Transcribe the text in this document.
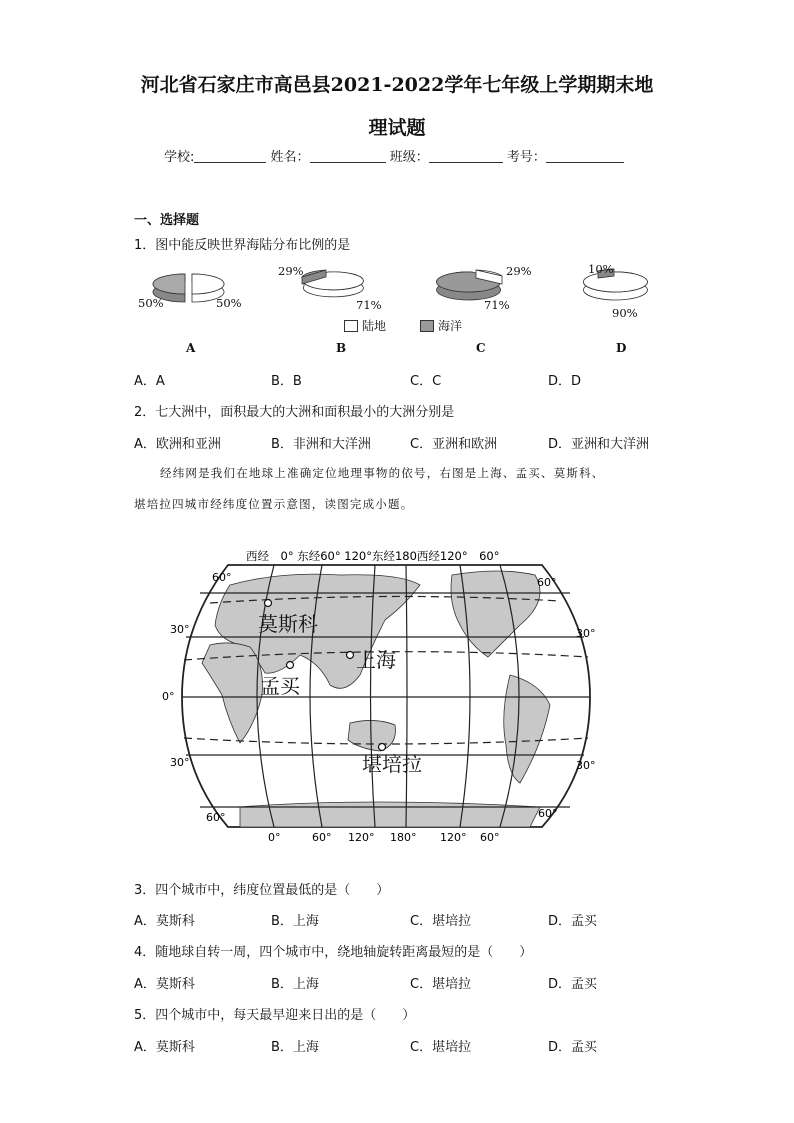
河北省石家庄市高邑县2021-2022学年七年级上学期期末地
理试题
学校:	姓名：	班级：	考号：
一、选择题
1．图中能反映世界海陆分布比例的是
50%	50%
29%
71%
29%
71%
10%
90%
陆地	海洋
A	B	C	D
A．A	B．B	C．C	D．D
2．七大洲中，面积最大的大洲和面积最小的大洲分别是
A．欧洲和亚洲	B．非洲和大洋洲	C．亚洲和欧洲	D．亚洲和大洋洲
经纬网是我们在地球上准确定位地理事物的依号，右图是上海、孟买、莫斯科、
堪培拉四城市经纬度位置示意图，读图完成小题。
西经　0° 东经60° 120°东经180西经120°　60°
60°
30°
0°
30°
60°
60°
30°
30°
60°
0°	60° 120° 180° 120° 60°
莫斯科
上海
孟买
堪培拉
3．四个城市中，纬度位置最低的是（　　）
A．莫斯科	B．上海	C．堪培拉	D．孟买
4．随地球自转一周，四个城市中，绕地轴旋转距离最短的是（　　）
A．莫斯科	B．上海	C．堪培拉	D．孟买
5．四个城市中，每天最早迎来日出的是（　　）
A．莫斯科	B．上海	C．堪培拉	D．孟买
